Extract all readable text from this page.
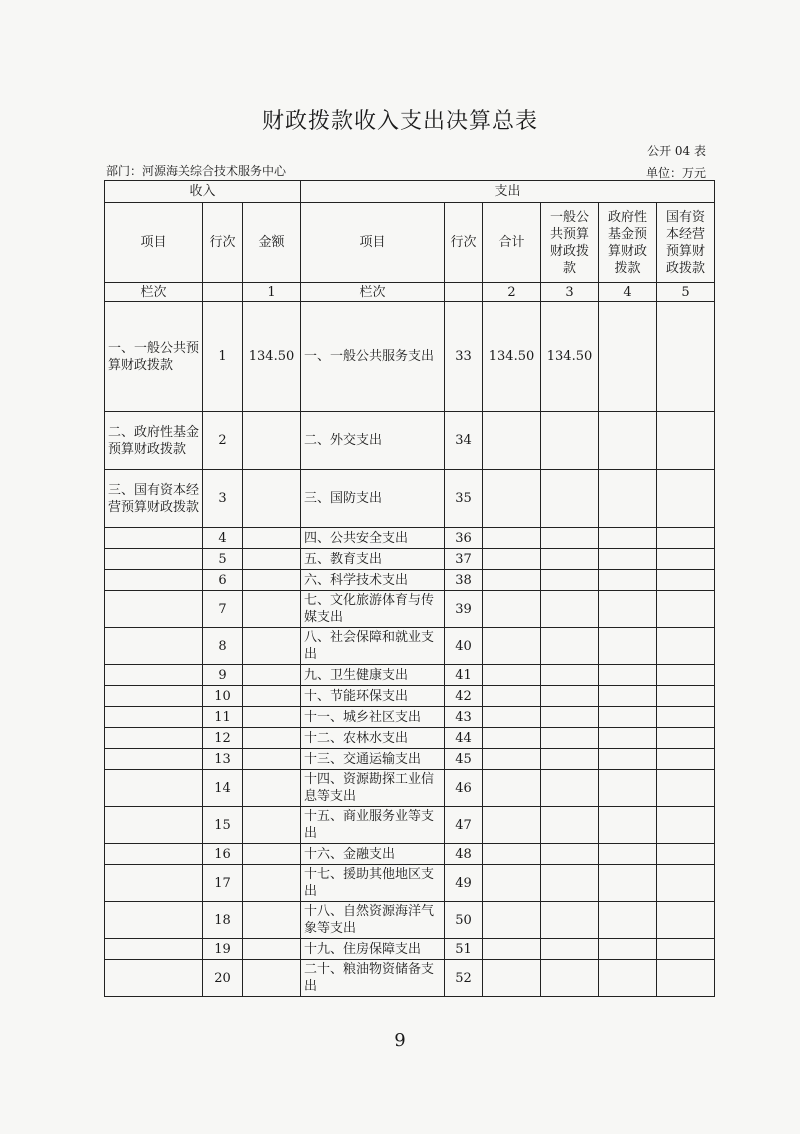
财政拨款收入支出决算总表
公开 04 表
部门：河源海关综合技术服务中心	单位：万元
收入			支出					
项目	行次	金额	项目	行次	合计	一般公共预算财政拨款	政府性基金预算财政拨款	国有资本经营预算财政拨款
栏次		1	栏次		2	3	4	5
一、一般公共预算财政拨款	1	134.50	一、一般公共服务支出	33	134.50	134.50		
二、政府性基金预算财政拨款	2		二、外交支出	34				
三、国有资本经营预算财政拨款	3		三、国防支出	35				
	4		四、公共安全支出	36				
	5		五、教育支出	37				
	6		六、科学技术支出	38				
	7		七、文化旅游体育与传媒支出	39				
	8		八、社会保障和就业支出	40				
	9		九、卫生健康支出	41				
	10		十、节能环保支出	42				
	11		十一、城乡社区支出	43				
	12		十二、农林水支出	44				
	13		十三、交通运输支出	45				
	14		十四、资源勘探工业信息等支出	46				
	15		十五、商业服务业等支出	47				
	16		十六、金融支出	48				
	17		十七、援助其他地区支出	49				
	18		十八、自然资源海洋气象等支出	50				
	19		十九、住房保障支出	51				
	20		二十、粮油物资储备支出	52				
9
